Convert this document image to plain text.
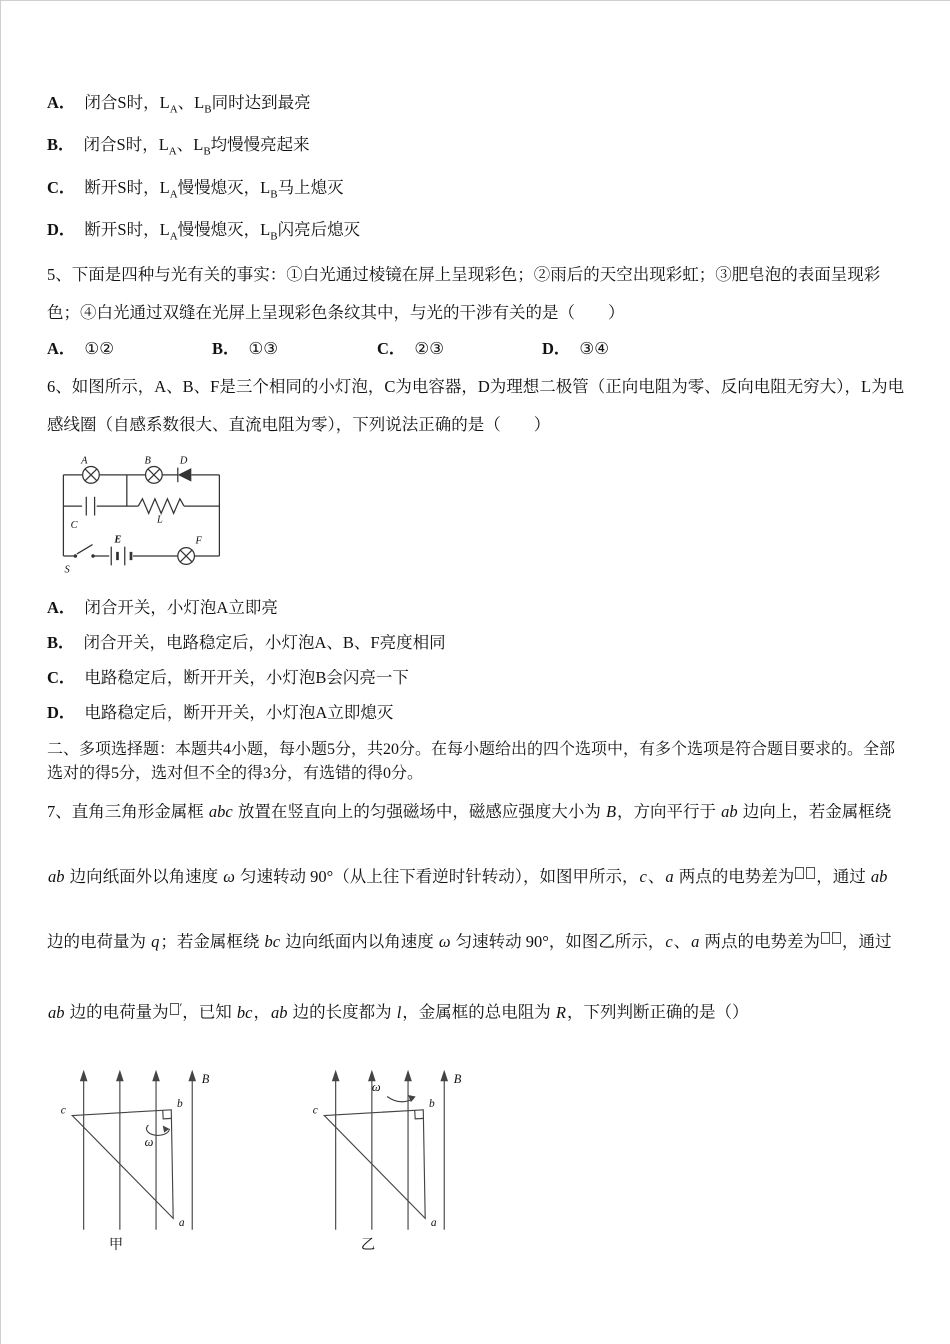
A． 闭合S时，$L_A$、$L_B$同时达到最亮

B． 闭合S时，$L_A$、$L_B$均慢慢亮起来

C． 断开S时，$L_A$慢慢熄灭，$L_B$马上熄灭

D． 断开S时，$L_A$慢慢熄灭，$L_B$闪亮后熄灭

5、下面是四种与光有关的事实：①白光通过棱镜在屏上呈现彩色；②雨后的天空出现彩虹；③肥皂泡的表面呈现彩色；④白光通过双缝在光屏上呈现彩色条纹其中，与光的干涉有关的是（　　）

A． ①②	B． ①③	C． ②③	D． ③④

6、如图所示，A、B、F是三个相同的小灯泡，C为电容器，D为理想二极管（正向电阻为零、反向电阻无穷大），L为电感线圈（自感系数很大、直流电阻为零），下列说法正确的是（　　）

A	B	D
C	L
E
S
F

A． 闭合开关，小灯泡A立即亮

B． 闭合开关，电路稳定后，小灯泡A、B、F亮度相同

C． 电路稳定后，断开开关，小灯泡B会闪亮一下

D． 电路稳定后，断开开关，小灯泡A立即熄灭

二、多项选择题：本题共4小题，每小题5分，共20分。在每小题给出的四个选项中，有多个选项是符合题目要求的。全部选对的得5分，选对但不全的得3分，有选错的得0分。

7、直角三角形金属框 abc 放置在竖直向上的匀强磁场中，磁感应强度大小为 B，方向平行于 ab 边向上，若金属框绕

ab 边向纸面外以角速度 ω 匀速转动 90°（从上往下看逆时针转动），如图甲所示，c、a 两点的电势差为 ，通过 ab

边的电荷量为 q；若金属框绕 bc 边向纸面内以角速度 ω 匀速转动 90°，如图乙所示，c、a 两点的电势差为 ，通过

ab 边的电荷量为 ′，已知 bc，ab 边的长度都为 l，金属框的总电阻为 R，下列判断正确的是（）

B
c
b
a
ω
甲
B
c
b
a
ω
乙
